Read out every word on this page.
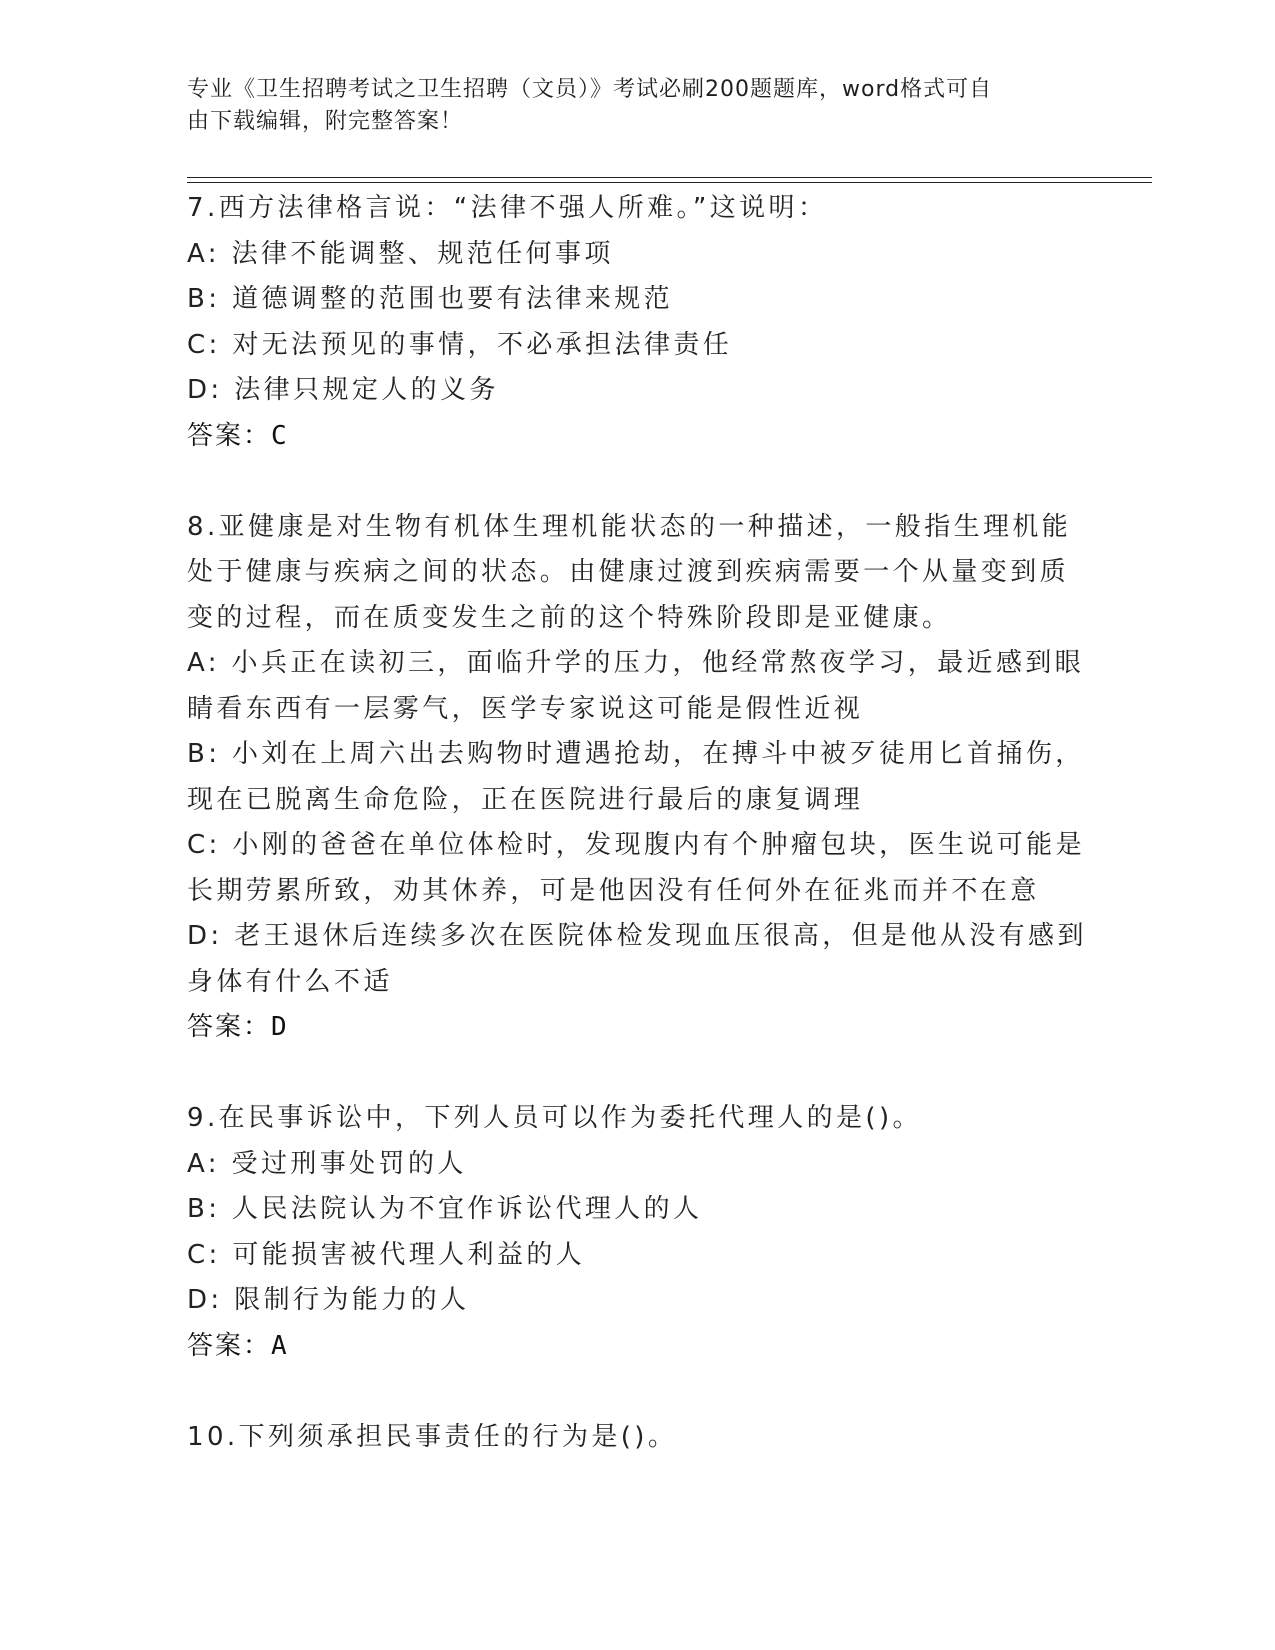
专业《卫生招聘考试之卫生招聘（文员）》考试必刷200题题库，word格式可自
由下载编辑，附完整答案！
7.西方法律格言说：“法律不强人所难。”这说明：
A: 法律不能调整、规范任何事项
B: 道德调整的范围也要有法律来规范
C: 对无法预见的事情，不必承担法律责任
D: 法律只规定人的义务
答案：C
8.亚健康是对生物有机体生理机能状态的一种描述，一般指生理机能
处于健康与疾病之间的状态。由健康过渡到疾病需要一个从量变到质
变的过程，而在质变发生之前的这个特殊阶段即是亚健康。
A: 小兵正在读初三，面临升学的压力，他经常熬夜学习，最近感到眼
睛看东西有一层雾气，医学专家说这可能是假性近视
B: 小刘在上周六出去购物时遭遇抢劫，在搏斗中被歹徒用匕首捅伤，
现在已脱离生命危险，正在医院进行最后的康复调理
C: 小刚的爸爸在单位体检时，发现腹内有个肿瘤包块，医生说可能是
长期劳累所致，劝其休养，可是他因没有任何外在征兆而并不在意
D: 老王退休后连续多次在医院体检发现血压很高，但是他从没有感到
身体有什么不适
答案：D
9.在民事诉讼中，下列人员可以作为委托代理人的是()。
A: 受过刑事处罚的人
B: 人民法院认为不宜作诉讼代理人的人
C: 可能损害被代理人利益的人
D: 限制行为能力的人
答案：A
10.下列须承担民事责任的行为是()。
